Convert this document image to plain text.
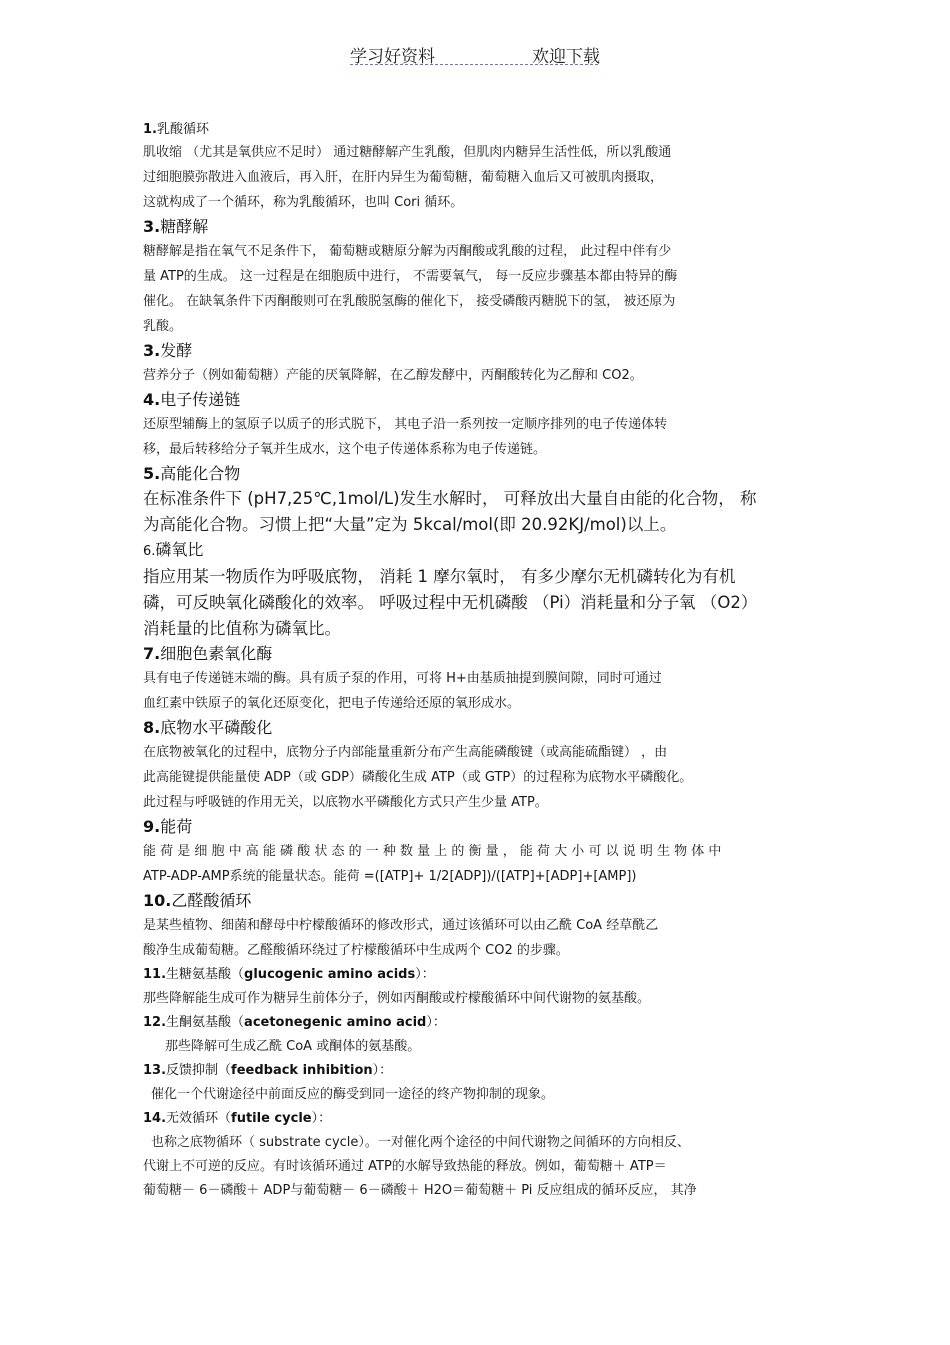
学习好资料	欢迎下载
1.乳酸循环

肌收缩 （尤其是氧供应不足时） 通过糖酵解产生乳酸，但肌肉内糖异生活性低，所以乳酸通

过细胞膜弥散进入血液后，再入肝，在肝内异生为葡萄糖，葡萄糖入血后又可被肌肉摄取，

这就构成了一个循环，称为乳酸循环，也叫 Cori 循环。

3.糖酵解

糖酵解是指在氧气不足条件下， 葡萄糖或糖原分解为丙酮酸或乳酸的过程， 此过程中伴有少

量 ATP的生成。 这一过程是在细胞质中进行， 不需要氧气， 每一反应步骤基本都由特异的酶

催化。 在缺氧条件下丙酮酸则可在乳酸脱氢酶的催化下， 接受磷酸丙糖脱下的氢， 被还原为

乳酸。

3.发酵

营养分子（例如葡萄糖）产能的厌氧降解，在乙醇发酵中，丙酮酸转化为乙醇和 CO2。

4.电子传递链

还原型辅酶上的氢原子以质子的形式脱下， 其电子沿一系列按一定顺序排列的电子传递体转

移，最后转移给分子氧并生成水，这个电子传递体系称为电子传递链。

5.高能化合物

在标准条件下 (pH7,25℃,1mol/L)发生水解时， 可释放出大量自由能的化合物， 称

为高能化合物。习惯上把“大量”定为 5kcal/mol(即 20.92KJ/mol)以上。

6.磷氧比

指应用某一物质作为呼吸底物， 消耗 1 摩尔氧时， 有多少摩尔无机磷转化为有机

磷，可反映氧化磷酸化的效率。 呼吸过程中无机磷酸 （Pi）消耗量和分子氧 （O2）

消耗量的比值称为磷氧比。

7.细胞色素氧化酶

具有电子传递链末端的酶。具有质子泵的作用，可将 H+由基质抽提到膜间隙，同时可通过

血红素中铁原子的氧化还原变化，把电子传递给还原的氧形成水。

8.底物水平磷酸化

在底物被氧化的过程中，底物分子内部能量重新分布产生高能磷酸键（或高能硫酯键） ，由

此高能键提供能量使 ADP（或 GDP）磷酸化生成 ATP（或 GTP）的过程称为底物水平磷酸化。

此过程与呼吸链的作用无关，以底物水平磷酸化方式只产生少量 ATP。

9.能荷

能 荷 是 细 胞 中 高 能 磷 酸 状 态 的 一 种 数 量 上 的 衡 量 ， 能 荷 大 小 可 以 说 明 生 物 体 中

ATP-ADP-AMP系统的能量状态。能荷 =([ATP]+ 1/2[ADP])/([ATP]+[ADP]+[AMP])

10.乙醛酸循环

是某些植物、细菌和酵母中柠檬酸循环的修改形式，通过该循环可以由乙酰 CoA 经草酰乙

酸净生成葡萄糖。乙醛酸循环绕过了柠檬酸循环中生成两个 CO2 的步骤。

11.生糖氨基酸（glucogenic amino acids）：

那些降解能生成可作为糖异生前体分子，例如丙酮酸或柠檬酸循环中间代谢物的氨基酸。

12.生酮氨基酸（acetonegenic amino acid）：

那些降解可生成乙酰 CoA 或酮体的氨基酸。

13.反馈抑制（feedback inhibition）：

催化一个代谢途径中前面反应的酶受到同一途径的终产物抑制的现象。

14.无效循环（futile cycle）：

也称之底物循环（ substrate cycle）。一对催化两个途径的中间代谢物之间循环的方向相反、

代谢上不可逆的反应。有时该循环通过 ATP的水解导致热能的释放。例如，葡萄糖＋ ATP＝

葡萄糖－ 6－磷酸＋ ADP与葡萄糖－ 6－磷酸＋ H2O＝葡萄糖＋ Pi 反应组成的循环反应， 其净
